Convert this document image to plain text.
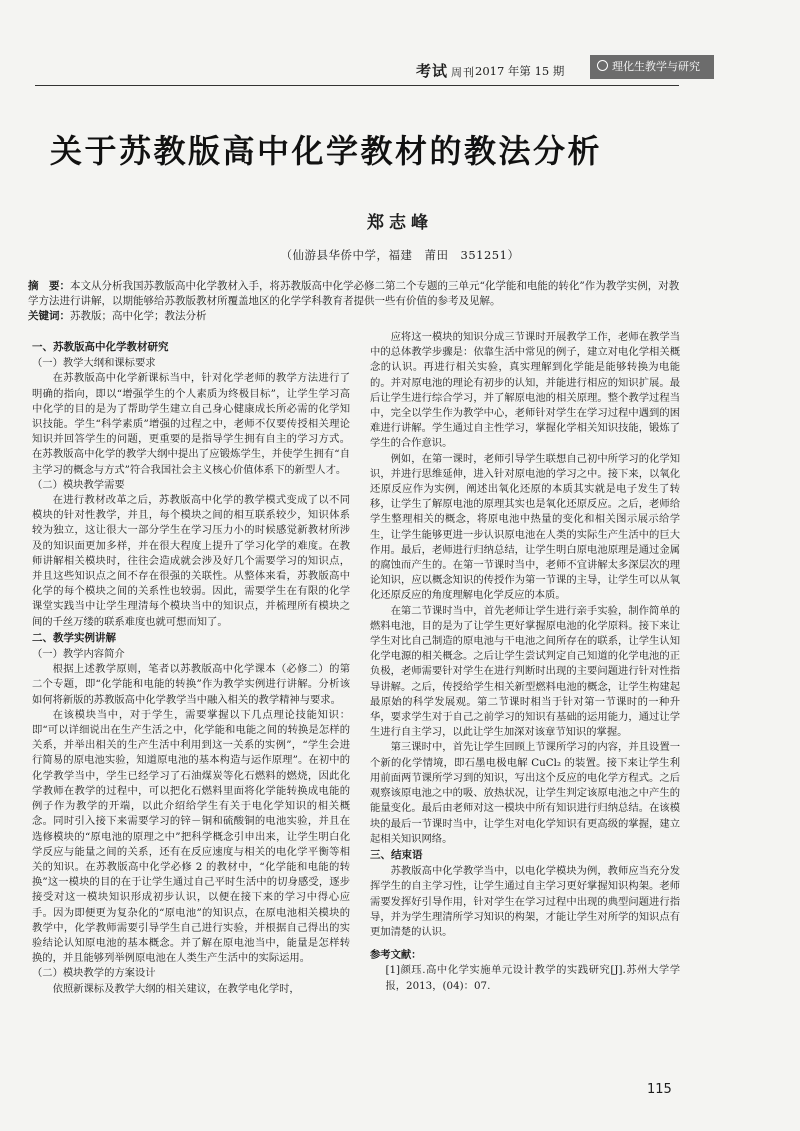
考试 周刊 2017 年第 15 期	理化生教学与研究
关于苏教版高中化学教材的教法分析
郑志峰
（仙游县华侨中学，福建　莆田　351251）
摘　要：本文从分析我国苏教版高中化学教材入手，将苏教版高中化学必修二第二个专题的三单元“化学能和电能的转化”作为教学实例，对教学方法进行讲解，以期能够给苏教版教材所覆盖地区的化学学科教育者提供一些有价值的参考及见解。
关键词：苏教版；高中化学；教法分析
一、苏教版高中化学教材研究
（一）教学大纲和课标要求

在苏教版高中化学新课标当中，针对化学老师的教学方法进行了明确的指向，即以“增强学生的个人素质为终极目标”，让学生学习高中化学的目的是为了帮助学生建立自己身心健康成长所必需的化学知识技能。学生“科学素质”增强的过程之中，老师不仅要传授相关理论知识并回答学生的问题，更重要的是指导学生拥有自主的学习方式。在苏教版高中化学的教学大纲中提出了应锻炼学生，并使学生拥有“自主学习的概念与方式”符合我国社会主义核心价值体系下的新型人才。

（二）模块教学需要

在进行教材改革之后，苏教版高中化学的教学模式变成了以不同模块的针对性教学，并且，每个模块之间的相互联系较少，知识体系较为独立，这让很大一部分学生在学习压力小的时候感觉新教材所涉及的知识面更加多样，并在很大程度上提升了学习化学的难度。在教师讲解相关模块时，往往会造成就会涉及好几个需要学习的知识点，并且这些知识点之间不存在很强的关联性。从整体来看，苏教版高中化学的每个模块之间的关系性也较弱。因此，需要学生在有限的化学课堂实践当中让学生理清每个模块当中的知识点，并梳理所有模块之间的千丝万缕的联系难度也就可想而知了。

二、教学实例讲解
（一）教学内容简介

根据上述教学原则，笔者以苏教版高中化学课本（必修二）的第二个专题，即“化学能和电能的转换”作为教学实例进行讲解。分析该如何将新版的苏教版高中化学教学当中融入相关的教学精神与要求。

在该模块当中，对于学生，需要掌握以下几点理论技能知识：即“可以详细说出在生产生活之中，化学能和电能之间的转换是怎样的关系，并举出相关的生产生活中利用到这一关系的实例”，“学生会进行简易的原电池实验，知道原电池的基本构造与运作原理”。在初中的化学教学当中，学生已经学习了石油煤炭等化石燃料的燃烧，因此化学教师在教学的过程中，可以把化石燃料里面将化学能转换成电能的例子作为教学的开端，以此介绍给学生有关于电化学知识的相关概念。同时引入接下来需要学习的锌－铜和硫酸铜的电池实验，并且在选修模块的“原电池的原理之中”把科学概念引申出来，让学生明白化学反应与能量之间的关系，还有在反应速度与相关的电化学平衡等相关的知识。在苏教版高中化学必修 2 的教材中，“化学能和电能的转换”这一模块的目的在于让学生通过自己平时生活中的切身感受，逐步接受对这一模块知识形成初步认识，以便在接下来的学习中得心应手。因为即便更为复杂化的“原电池”的知识点，在原电池相关模块的教学中，化学教师需要引导学生自己进行实验，并根据自己得出的实验结论认知原电池的基本概念。并了解在原电池当中，能量是怎样转换的，并且能够列举例原电池在人类生产生活中的实际运用。

（二）模块教学的方案设计

依照新课标及教学大纲的相关建议，在教学电化学时，

应将这一模块的知识分成三节课时开展教学工作，老师在教学当中的总体教学步骤是：依靠生活中常见的例子，建立对电化学相关概念的认识。再进行相关实验，真实理解到化学能是能够转换为电能的。并对原电池的理论有初步的认知，并能进行相应的知识扩展。最后让学生进行综合学习，并了解原电池的相关原理。整个教学过程当中，完全以学生作为教学中心，老师针对学生在学习过程中遇到的困难进行讲解。学生通过自主性学习，掌握化学相关知识技能，锻炼了学生的合作意识。

例如，在第一课时，老师引导学生联想自己初中所学习的化学知识，并进行思维延伸，进入针对原电池的学习之中。接下来，以氧化还原反应作为实例，阐述出氧化还原的本质其实就是电子发生了转移，让学生了解原电池的原理其实也是氧化还原反应。之后，老师给学生整理相关的概念，将原电池中热量的变化和相关图示展示给学生，让学生能够更进一步认识原电池在人类的实际生产生活中的巨大作用。最后，老师进行归纳总结，让学生明白原电池原理是通过金属的腐蚀而产生的。在第一节课时当中，老师不宜讲解太多深层次的理论知识，应以概念知识的传授作为第一节课的主导，让学生可以从氧化还原反应的角度理解电化学反应的本质。

在第二节课时当中，首先老师让学生进行亲手实验，制作简单的燃料电池，目的是为了让学生更好掌握原电池的化学原料。接下来让学生对比自己制造的原电池与干电池之间所存在的联系，让学生认知化学电源的相关概念。之后让学生尝试判定自己知道的化学电池的正负极，老师需要针对学生在进行判断时出现的主要问题进行针对性指导讲解。之后，传授给学生相关新型燃料电池的概念，让学生构建起最原始的科学发展观。第二节课时相当于针对第一节课时的一种升华，要求学生对于自己之前学习的知识有基础的运用能力，通过让学生进行自主学习，以此让学生加深对该章节知识的掌握。

第三课时中，首先让学生回顾上节课所学习的内容，并且设置一个新的化学情境，即石墨电极电解 CuCl₂ 的装置。接下来让学生利用前面两节课所学习到的知识，写出这个反应的电化学方程式。之后观察该原电池之中的吸、放热状况，让学生判定该原电池之中产生的能量变化。最后由老师对这一模块中所有知识进行归纳总结。在该模块的最后一节课时当中，让学生对电化学知识有更高级的掌握，建立起相关知识网络。

三、结束语

苏教版高中化学教学当中，以电化学模块为例，教师应当充分发挥学生的自主学习性，让学生通过自主学习更好掌握知识构架。老师需要发挥好引导作用，针对学生在学习过程中出现的典型问题进行指导，并为学生理清所学习知识的构架，才能让学生对所学的知识点有更加清楚的认识。

参考文献：
[1]颜珏.高中化学实施单元设计教学的实践研究[J].苏州大学学报，2013，(04)：07.
115
